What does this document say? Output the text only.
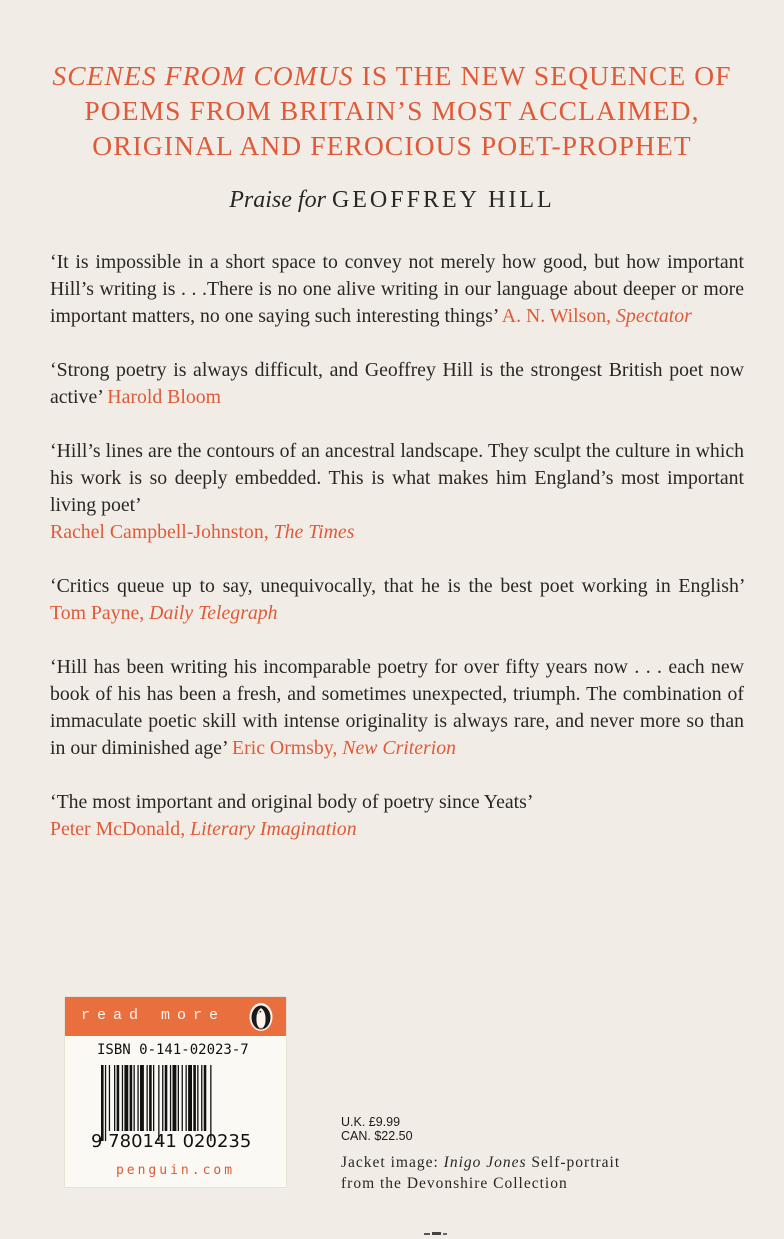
SCENES FROM COMUS IS THE NEW SEQUENCE OF
POEMS FROM BRITAIN’S MOST ACCLAIMED,
ORIGINAL AND FEROCIOUS POET-PROPHET
Praise for GEOFFREY HILL

‘It is impossible in a short space to convey not merely how good, but how important Hill’s writing is . . .There is no one alive writing in our language about deeper or more important matters, no one saying such interesting things’ A. N. Wilson, Spectator

‘Strong poetry is always difficult, and Geoffrey Hill is the strongest British poet now active’ Harold Bloom

‘Hill’s lines are the contours of an ancestral landscape. They sculpt the culture in which his work is so deeply embedded. This is what makes him England’s most important living poet’
Rachel Campbell-Johnston, The Times

‘Critics queue up to say, unequivocally, that he is the best poet working in English’ Tom Payne, Daily Telegraph

‘Hill has been writing his incomparable poetry for over fifty years now . . . each new book of his has been a fresh, and sometimes unexpected, triumph. The combination of immaculate poetic skill with intense originality is always rare, and never more so than in our diminished age’ Eric Ormsby, New Criterion

‘The most important and original body of poetry since Yeats’
Peter McDonald, Literary Imagination

read more
ISBN 0-141-02023-7
9 780141 020235
penguin.com
U.K. £9.99
CAN. $22.50
Jacket image: Inigo Jones Self-portrait
from the Devonshire Collection
